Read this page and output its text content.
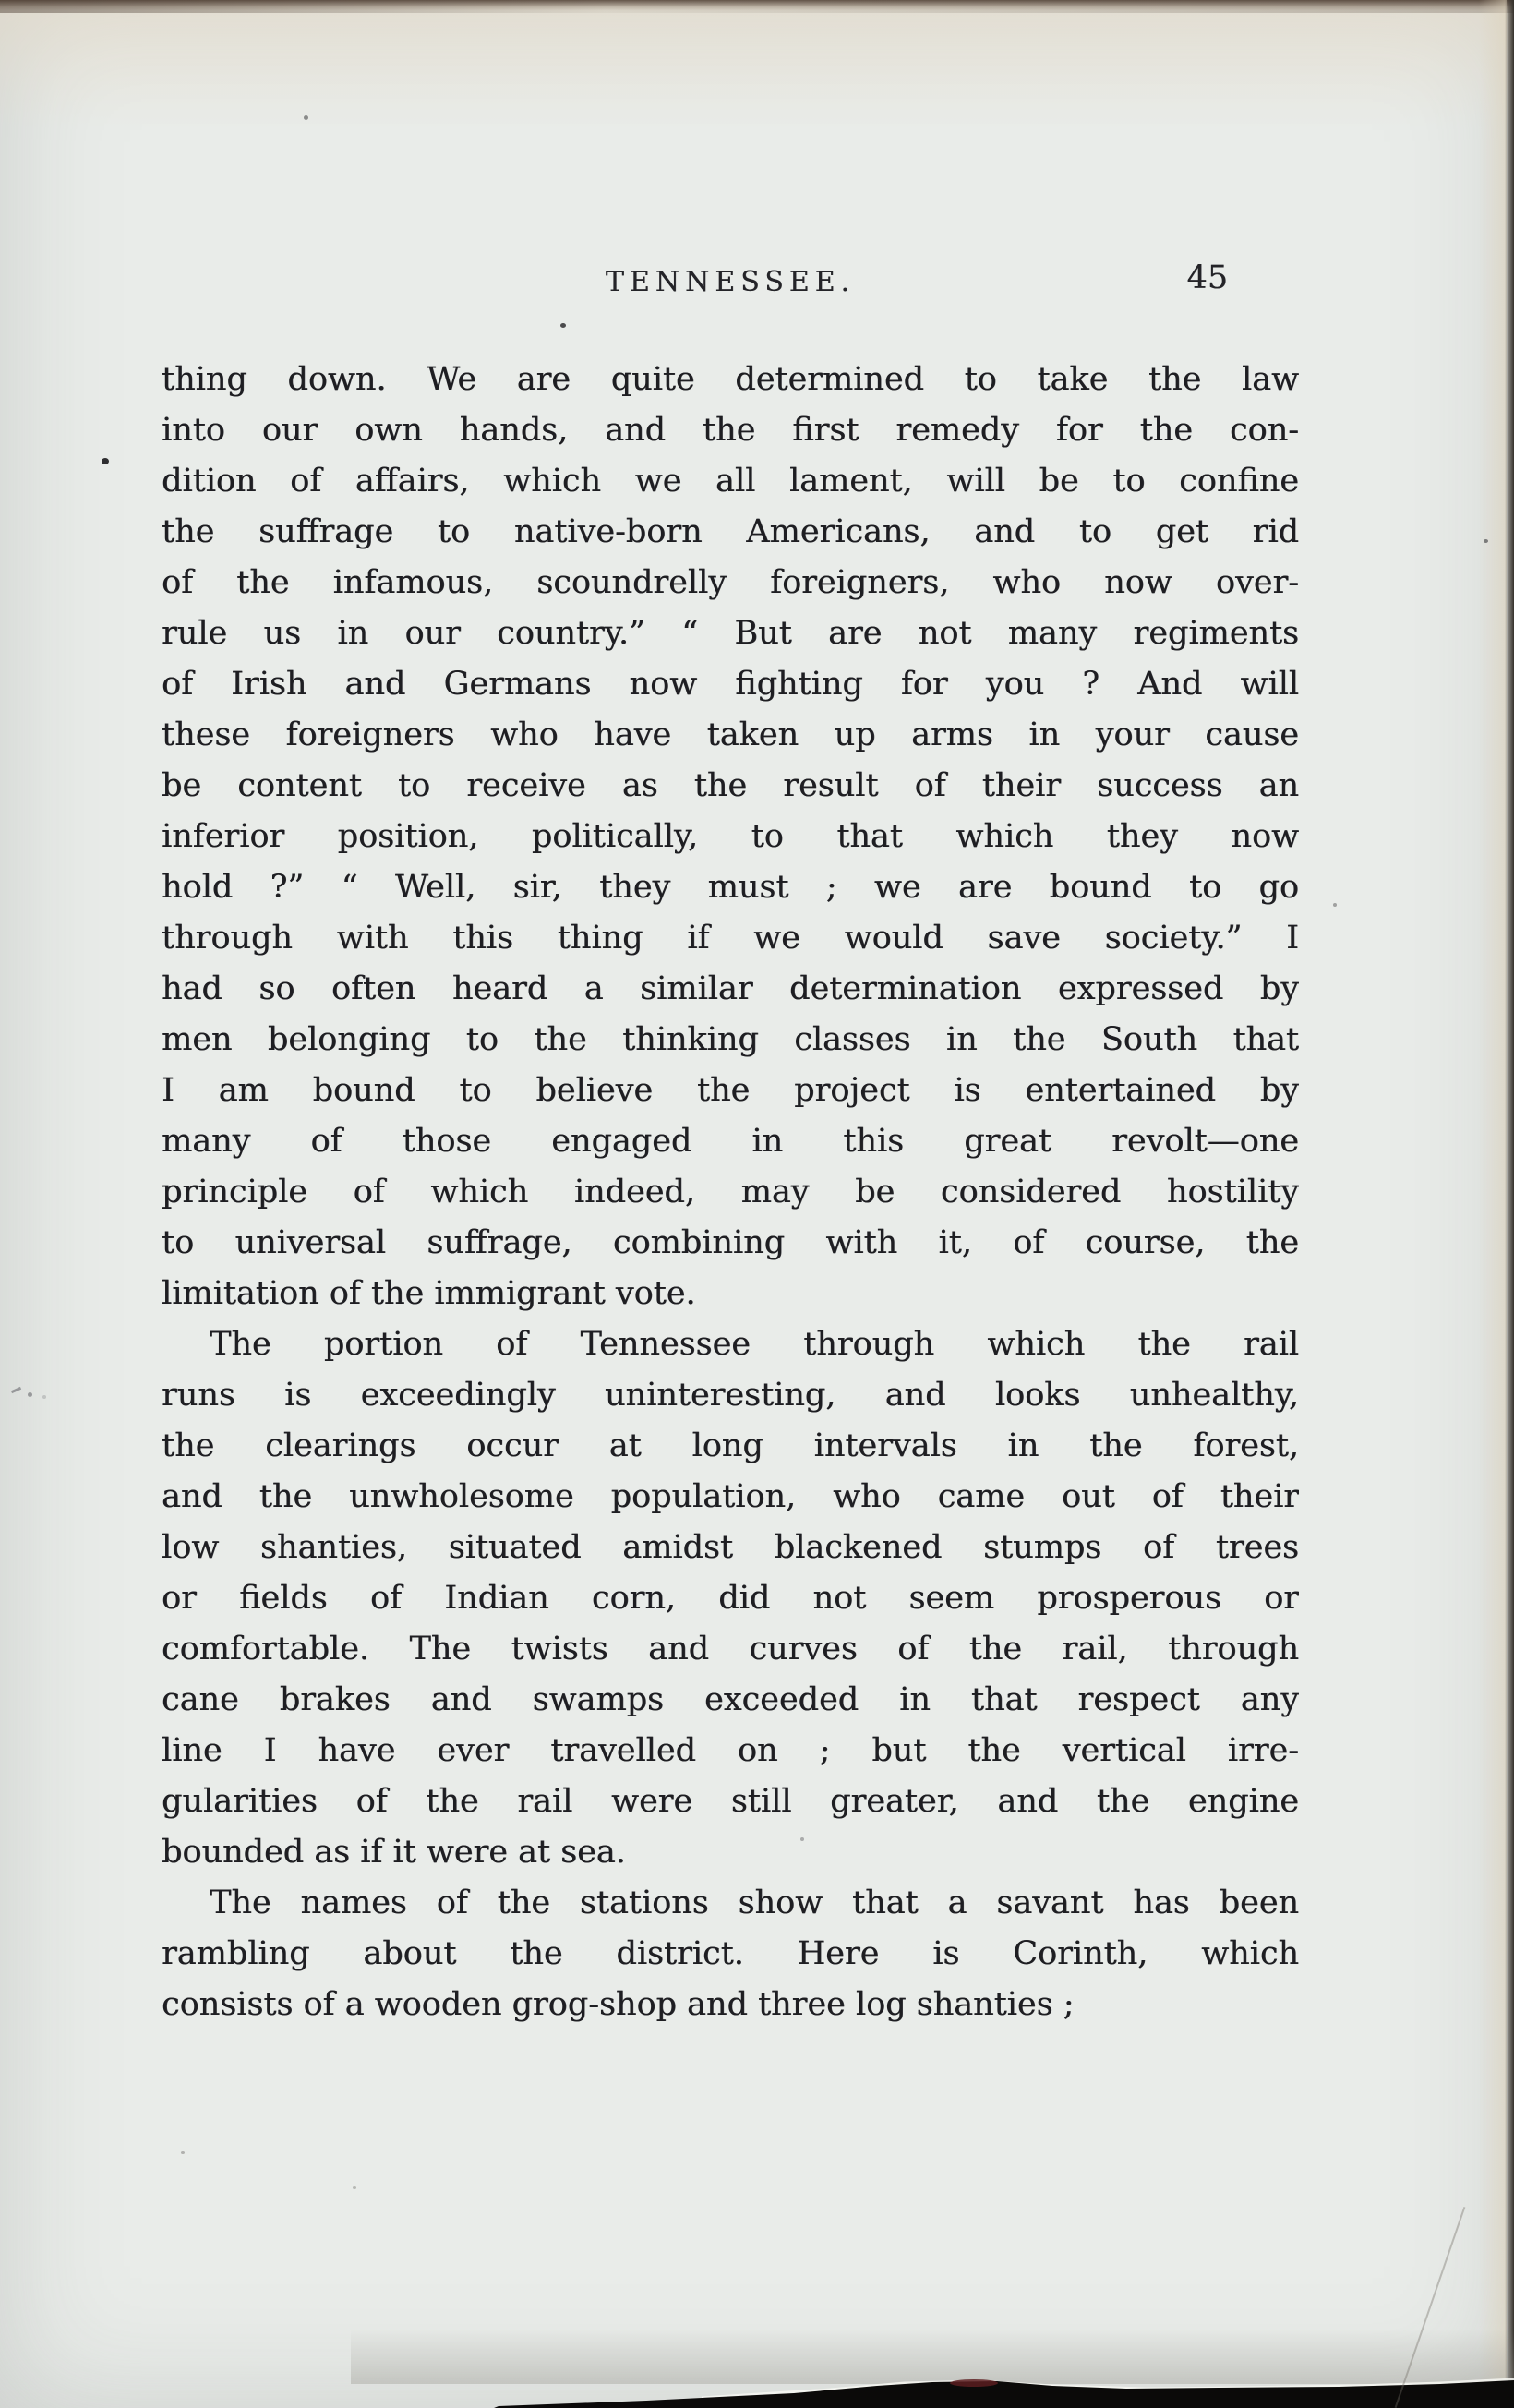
TENNESSEE.	45
thing down. We are quite determined to take the law
into our own hands, and the first remedy for the con-
dition of affairs, which we all lament, will be to confine
the suffrage to native-born Americans, and to get rid
of the infamous, scoundrelly foreigners, who now over-
rule us in our country.” “ But are not many regiments
of Irish and Germans now fighting for you ? And will
these foreigners who have taken up arms in your cause
be content to receive as the result of their success an
inferior position, politically, to that which they now
hold ?” “ Well, sir, they must ; we are bound to go
through with this thing if we would save society.” I
had so often heard a similar determination expressed by
men belonging to the thinking classes in the South that
I am bound to believe the project is entertained by
many of those engaged in this great revolt—one
principle of which indeed, may be considered hostility
to universal suffrage, combining with it, of course, the
limitation of the immigrant vote.
The portion of Tennessee through which the rail
runs is exceedingly uninteresting, and looks unhealthy,
the clearings occur at long intervals in the forest,
and the unwholesome population, who came out of their
low shanties, situated amidst blackened stumps of trees
or fields of Indian corn, did not seem prosperous or
comfortable. The twists and curves of the rail, through
cane brakes and swamps exceeded in that respect any
line I have ever travelled on ; but the vertical irre-
gularities of the rail were still greater, and the engine
bounded as if it were at sea.
The names of the stations show that a savant has been
rambling about the district. Here is Corinth, which
consists of a wooden grog-shop and three log shanties ;
